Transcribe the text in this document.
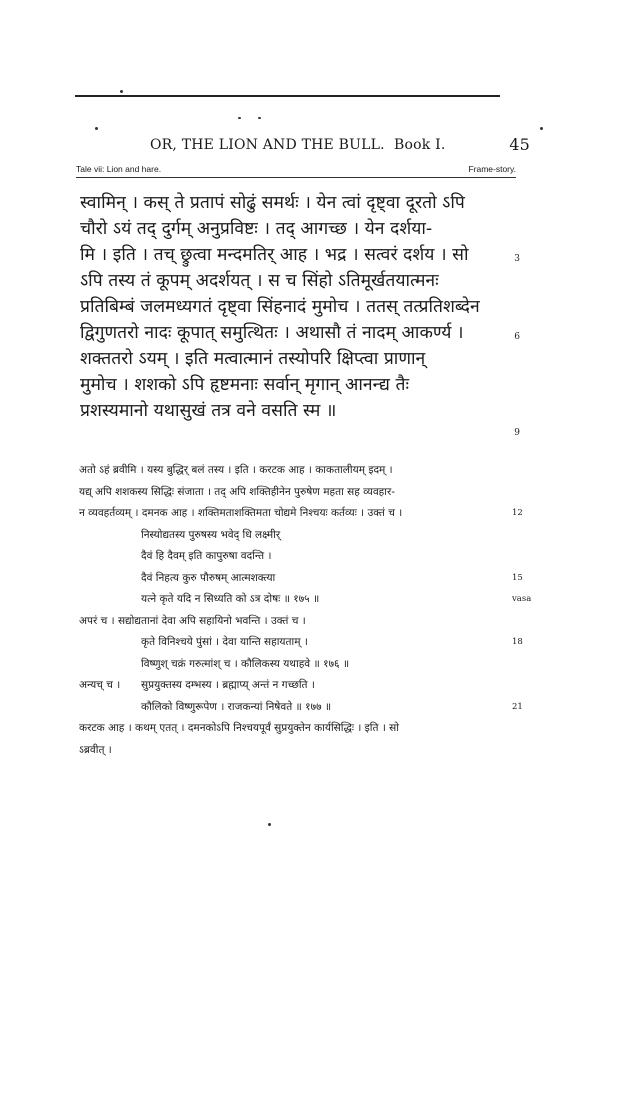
OR, THE LION AND THE BULL. Book I.	45
Tale vii: Lion and hare.	Frame-story.
स्वामिन् । कस् ते प्रतापं सोढुं समर्थः । येन त्वां दृष्ट्वा दूरतो ऽपि
चौरो ऽयं तद् दुर्गम् अनुप्रविष्टः । तद् आगच्छ । येन दर्शया-
मि । इति । तच् छ्रुत्वा मन्दमतिर् आह । भद्र । सत्वरं दर्शय । सो
ऽपि तस्य तं कूपम् अदर्शयत् । स च सिंहो ऽतिमूर्खतयात्मनः
प्रतिबिम्बं जलमध्यगतं दृष्ट्वा सिंहनादं मुमोच । ततस् तत्प्रतिशब्देन
द्विगुणतरो नादः कूपात् समुत्थितः । अथासौ तं नादम् आकर्ण्य ।
शक्ततरो ऽयम् । इति मत्वात्मानं तस्योपरि क्षिप्त्वा प्राणान्
मुमोच । शशको ऽपि हृष्टमनाः सर्वान् मृगान् आनन्द्य तैः
प्रशस्यमानो यथासुखं तत्र वने वसति स्म ॥
3
6
9
अतो ऽहं ब्रवीमि । यस्य बुद्धिर् बलं तस्य । इति । करटक आह । काकतालीयम् इदम् ।
यद्य् अपि शशकस्य सिद्धिः संजाता । तद् अपि शक्तिहीनेन पुरुषेण महता सह व्यवहार-
न व्यवहर्तव्यम् । दमनक आह । शक्तिमताशक्तिमता चोद्यमे निश्चयः कर्तव्यः । उक्तं च ।	12
निस्योद्यतस्य पुरुषस्य भवेद् धि लक्ष्मीर्
दैवं हि दैवम् इति कापुरुषा वदन्ति ।
दैवं निहत्य कुरु पौरुषम् आत्मशक्त्या	15
यत्ने कृते यदि न सिध्यति को ऽत्र दोषः ॥ १७५ ॥	vasa
अपरं च । सद्योद्यतानां देवा अपि सहायिनो भवन्ति । उक्तं च ।
कृते विनिश्चये पुंसां । देवा यान्ति सहायताम् ।	18
विष्णुश् चक्रं गरुत्मांश् च । कौलिकस्य यथाहवे ॥ १७६ ॥
अन्यच् च । सुप्रयुक्तस्य दम्भस्य । ब्रह्माप्य् अन्तं न गच्छति ।
कौलिको विष्णुरूपेण । राजकन्यां निषेवते ॥ १७७ ॥	21
करटक आह । कथम् एतत् । दमनकोऽपि निश्चयपूर्वं सुप्रयुक्तेन कार्यसिद्धिः । इति । सो
ऽब्रवीत् ।
